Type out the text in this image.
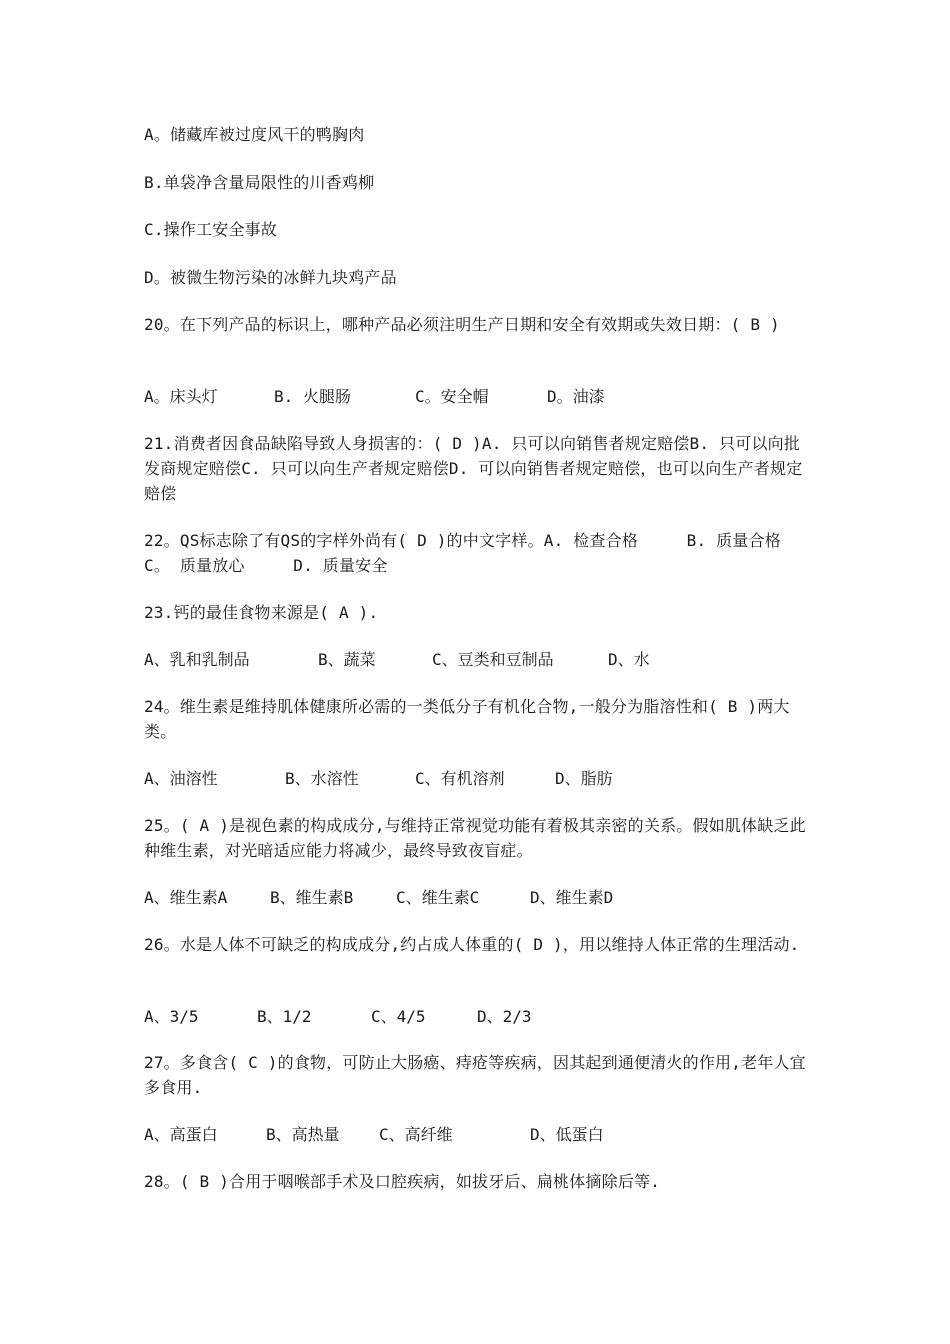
A。储藏库被过度风干的鸭胸肉
B.单袋净含量局限性的川香鸡柳
C.操作工安全事故
D。被微生物污染的冰鲜九块鸡产品
20。在下列产品的标识上，哪种产品必须注明生产日期和安全有效期或失效日期：( B )
A。床头灯	B. 火腿肠	C。安全帽	D。油漆
21.消费者因食品缺陷导致人身损害的：( D )A. 只可以向销售者规定赔偿B. 只可以向批发商规定赔偿C. 只可以向生产者规定赔偿D. 可以向销售者规定赔偿，也可以向生产者规定赔偿
22。QS标志除了有QS的字样外尚有( D )的中文字样。A. 检查合格　　　B. 质量合格　　　C。 质量放心　　　D. 质量安全
23.钙的最佳食物来源是( A ).
A、乳和乳制品	B、蔬菜	C、豆类和豆制品	D、水
24。维生素是维持肌体健康所必需的一类低分子有机化合物,一般分为脂溶性和( B )两大类。
A、油溶性	B、水溶性	C、有机溶剂	D、脂肪
25。( A )是视色素的构成成分,与维持正常视觉功能有着极其亲密的关系。假如肌体缺乏此种维生素，对光暗适应能力将减少，最终导致夜盲症。
A、维生素A	B、维生素B	C、维生素C	D、维生素D
26。水是人体不可缺乏的构成成分,约占成人体重的( D )，用以维持人体正常的生理活动.
A、3/5	B、1/2	C、4/5	D、2/3
27。多食含( C )的食物，可防止大肠癌、痔疮等疾病，因其起到通便清火的作用,老年人宜多食用.
A、高蛋白	B、高热量 C、高纤维	D、低蛋白
28。( B )合用于咽喉部手术及口腔疾病，如拔牙后、扁桃体摘除后等.
